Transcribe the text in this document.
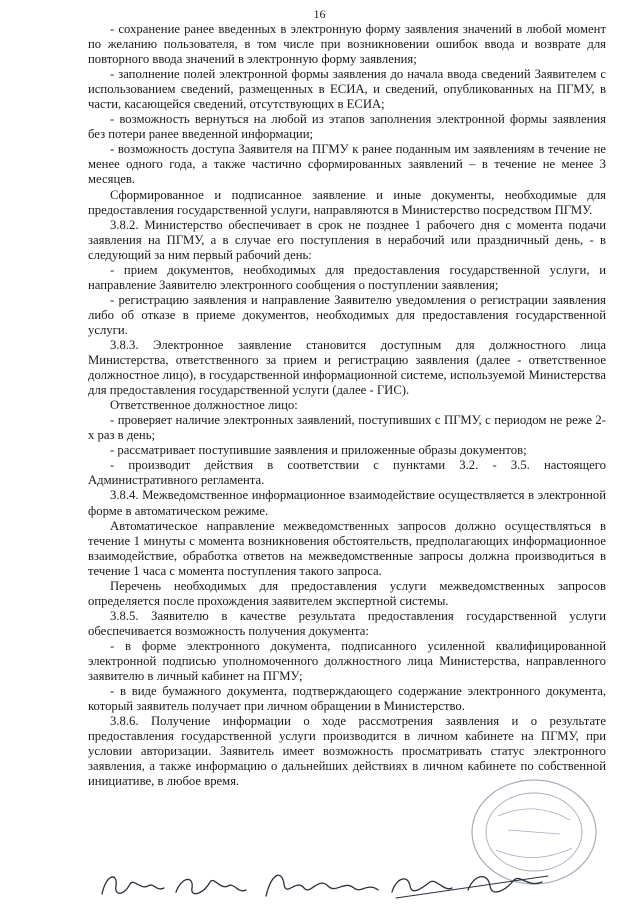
16

- сохранение ранее введенных в электронную форму заявления значений в любой момент по желанию пользователя, в том числе при возникновении ошибок ввода и возврате для повторного ввода значений в электронную форму заявления;

- заполнение полей электронной формы заявления до начала ввода сведений Заявителем с использованием сведений, размещенных в ЕСИА, и сведений, опубликованных на ПГМУ, в части, касающейся сведений, отсутствующих в ЕСИА;

- возможность вернуться на любой из этапов заполнения электронной формы заявления без потери ранее введенной информации;

- возможность доступа Заявителя на ПГМУ к ранее поданным им заявлениям в течение не менее одного года, а также частично сформированных заявлений – в течение не менее 3 месяцев.

Сформированное и подписанное заявление и иные документы, необходимые для предоставления государственной услуги, направляются в Министерство посредством ПГМУ.

3.8.2. Министерство обеспечивает в срок не позднее 1 рабочего дня с момента подачи заявления на ПГМУ, а в случае его поступления в нерабочий или праздничный день, - в следующий за ним первый рабочий день:

- прием документов, необходимых для предоставления государственной услуги, и направление Заявителю электронного сообщения о поступлении заявления;

- регистрацию заявления и направление Заявителю уведомления о регистрации заявления либо об отказе в приеме документов, необходимых для предоставления государственной услуги.

3.8.3. Электронное заявление становится доступным для должностного лица Министерства, ответственного за прием и регистрацию заявления (далее - ответственное должностное лицо), в государственной информационной системе, используемой Министерства для предоставления государственной услуги (далее - ГИС).

Ответственное должностное лицо:

- проверяет наличие электронных заявлений, поступивших с ПГМУ, с периодом не реже 2-х раз в день;

- рассматривает поступившие заявления и приложенные образы документов;

- производит действия в соответствии с пунктами 3.2. - 3.5. настоящего Административного регламента.

3.8.4. Межведомственное информационное взаимодействие осуществляется в электронной форме в автоматическом режиме.

Автоматическое направление межведомственных запросов должно осуществляться в течение 1 минуты с момента возникновения обстоятельств, предполагающих информационное взаимодействие, обработка ответов на межведомственные запросы должна производиться в течение 1 часа с момента поступления такого запроса.

Перечень необходимых для предоставления услуги межведомственных запросов определяется после прохождения заявителем экспертной системы.

3.8.5. Заявителю в качестве результата предоставления государственной услуги обеспечивается возможность получения документа:

- в форме электронного документа, подписанного усиленной квалифицированной электронной подписью уполномоченного должностного лица Министерства, направленного заявителю в личный кабинет на ПГМУ;

- в виде бумажного документа, подтверждающего содержание электронного документа, который заявитель получает при личном обращении в Министерство.

3.8.6. Получение информации о ходе рассмотрения заявления и о результате предоставления государственной услуги производится в личном кабинете на ПГМУ, при условии авторизации. Заявитель имеет возможность просматривать статус электронного заявления, а также информацию о дальнейших действиях в личном кабинете по собственной инициативе, в любое время.
